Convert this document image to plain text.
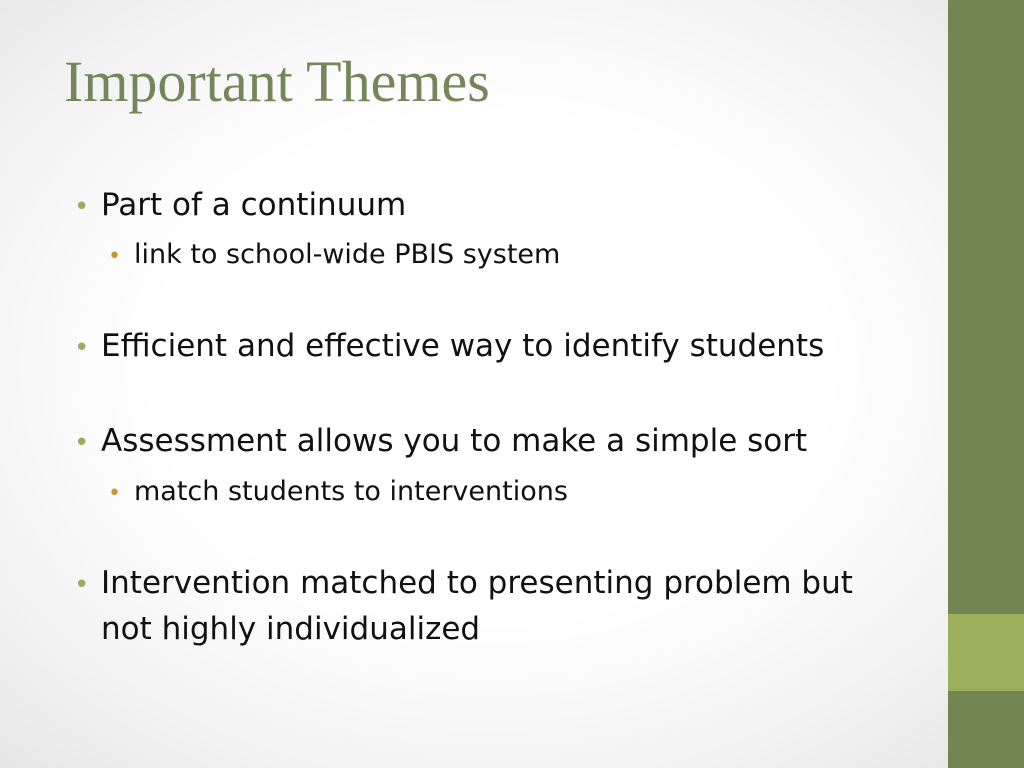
Important Themes
• Part of a continuum
• link to school-wide PBIS system
• Efficient and effective way to identify students
• Assessment allows you to make a simple sort
• match students to interventions
• Intervention matched to presenting problem but
not highly individualized
